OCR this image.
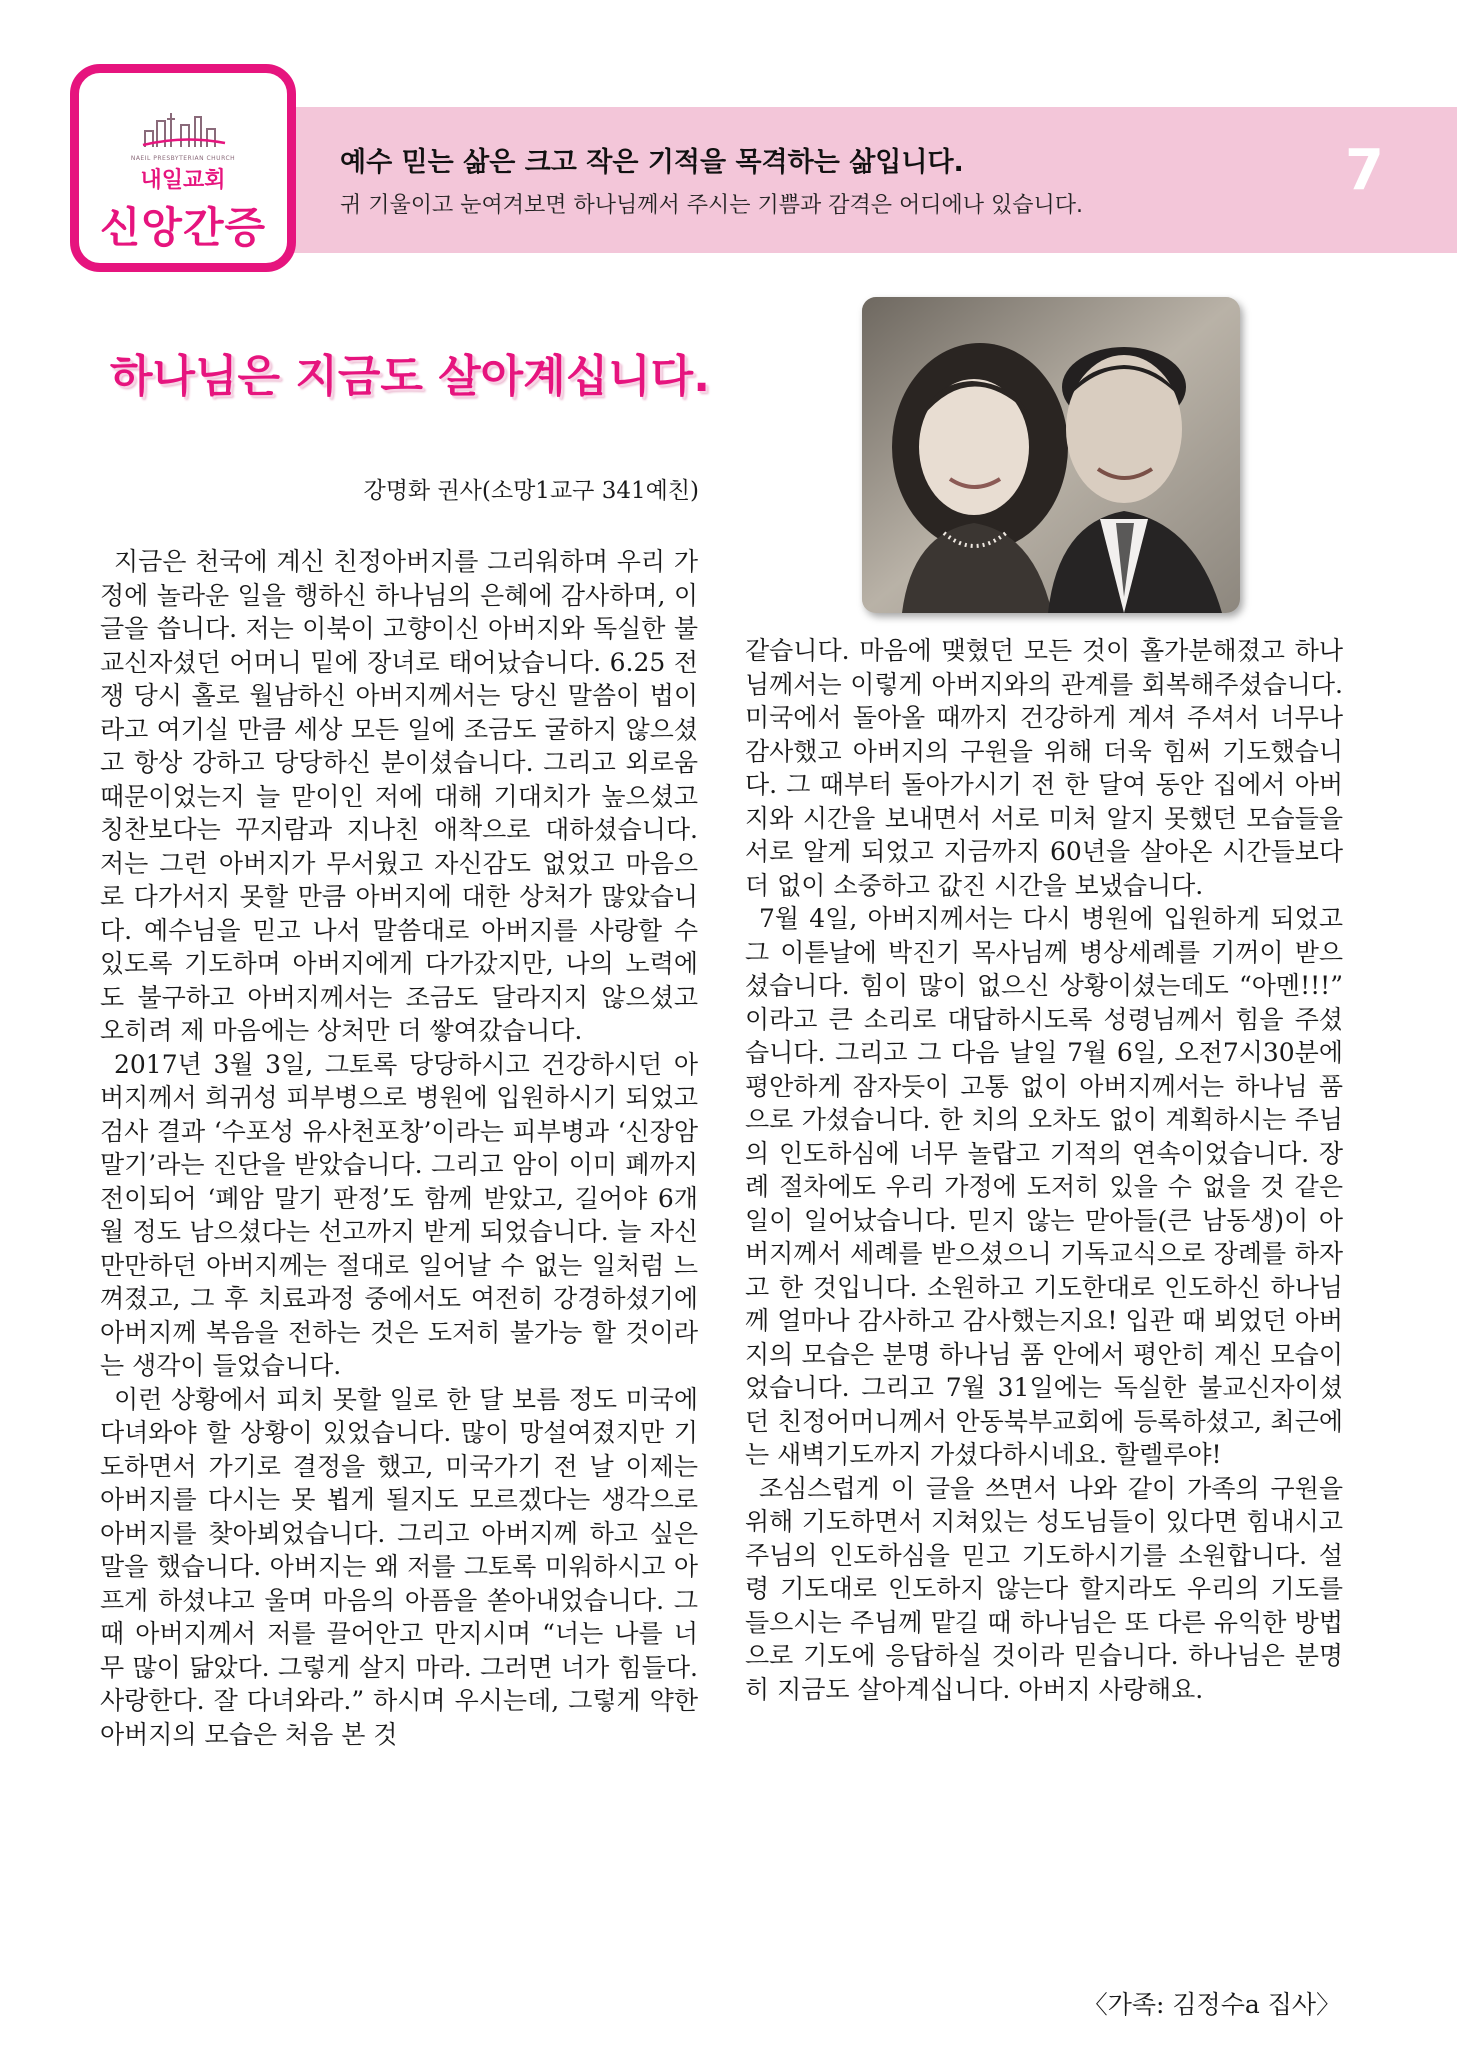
NAEIL PRESBYTERIAN CHURCH
내일교회
신앙간증
예수 믿는 삶은 크고 작은 기적을 목격하는 삶입니다.
귀 기울이고 눈여겨보면 하나님께서 주시는 기쁨과 감격은 어디에나 있습니다.
7
하나님은 지금도 살아계십니다.
강명화 권사(소망1교구 341예친)

지금은 천국에 계신 친정아버지를 그리워하며 우리 가정에 놀라운 일을 행하신 하나님의 은혜에 감사하며, 이 글을 씁니다. 저는 이북이 고향이신 아버지와 독실한 불교신자셨던 어머니 밑에 장녀로 태어났습니다. 6.25 전쟁 당시 홀로 월남하신 아버지께서는 당신 말씀이 법이라고 여기실 만큼 세상 모든 일에 조금도 굴하지 않으셨고 항상 강하고 당당하신 분이셨습니다. 그리고 외로움 때문이었는지 늘 맏이인 저에 대해 기대치가 높으셨고 칭찬보다는 꾸지람과 지나친 애착으로 대하셨습니다. 저는 그런 아버지가 무서웠고 자신감도 없었고 마음으로 다가서지 못할 만큼 아버지에 대한 상처가 많았습니다. 예수님을 믿고 나서 말씀대로 아버지를 사랑할 수 있도록 기도하며 아버지에게 다가갔지만, 나의 노력에도 불구하고 아버지께서는 조금도 달라지지 않으셨고 오히려 제 마음에는 상처만 더 쌓여갔습니다.

2017년 3월 3일, 그토록 당당하시고 건강하시던 아버지께서 희귀성 피부병으로 병원에 입원하시기 되었고 검사 결과 ‘수포성 유사천포창’이라는 피부병과 ‘신장암 말기’라는 진단을 받았습니다. 그리고 암이 이미 폐까지 전이되어 ‘폐암 말기 판정’도 함께 받았고, 길어야 6개월 정도 남으셨다는 선고까지 받게 되었습니다. 늘 자신만만하던 아버지께는 절대로 일어날 수 없는 일처럼 느껴졌고, 그 후 치료과정 중에서도 여전히 강경하셨기에 아버지께 복음을 전하는 것은 도저히 불가능 할 것이라는 생각이 들었습니다.

이런 상황에서 피치 못할 일로 한 달 보름 정도 미국에 다녀와야 할 상황이 있었습니다. 많이 망설여졌지만 기도하면서 가기로 결정을 했고, 미국가기 전 날 이제는 아버지를 다시는 못 뵙게 될지도 모르겠다는 생각으로 아버지를 찾아뵈었습니다. 그리고 아버지께 하고 싶은 말을 했습니다. 아버지는 왜 저를 그토록 미워하시고 아프게 하셨냐고 울며 마음의 아픔을 쏟아내었습니다. 그 때 아버지께서 저를 끌어안고 만지시며 “너는 나를 너무 많이 닮았다. 그렇게 살지 마라. 그러면 너가 힘들다. 사랑한다. 잘 다녀와라.” 하시며 우시는데, 그렇게 약한 아버지의 모습은 처음 본 것

같습니다. 마음에 맺혔던 모든 것이 홀가분해졌고 하나님께서는 이렇게 아버지와의 관계를 회복해주셨습니다. 미국에서 돌아올 때까지 건강하게 계셔 주셔서 너무나 감사했고 아버지의 구원을 위해 더욱 힘써 기도했습니다. 그 때부터 돌아가시기 전 한 달여 동안 집에서 아버지와 시간을 보내면서 서로 미처 알지 못했던 모습들을 서로 알게 되었고 지금까지 60년을 살아온 시간들보다 더 없이 소중하고 값진 시간을 보냈습니다.

7월 4일, 아버지께서는 다시 병원에 입원하게 되었고 그 이튿날에 박진기 목사님께 병상세례를 기꺼이 받으셨습니다. 힘이 많이 없으신 상황이셨는데도 “아멘!!!” 이라고 큰 소리로 대답하시도록 성령님께서 힘을 주셨습니다. 그리고 그 다음 날일 7월 6일, 오전7시30분에 평안하게 잠자듯이 고통 없이 아버지께서는 하나님 품으로 가셨습니다. 한 치의 오차도 없이 계획하시는 주님의 인도하심에 너무 놀랍고 기적의 연속이었습니다. 장례 절차에도 우리 가정에 도저히 있을 수 없을 것 같은 일이 일어났습니다. 믿지 않는 맏아들(큰 남동생)이 아버지께서 세례를 받으셨으니 기독교식으로 장례를 하자고 한 것입니다. 소원하고 기도한대로 인도하신 하나님께 얼마나 감사하고 감사했는지요! 입관 때 뵈었던 아버지의 모습은 분명 하나님 품 안에서 평안히 계신 모습이었습니다. 그리고 7월 31일에는 독실한 불교신자이셨던 친정어머니께서 안동북부교회에 등록하셨고, 최근에는 새벽기도까지 가셨다하시네요. 할렐루야!

조심스럽게 이 글을 쓰면서 나와 같이 가족의 구원을 위해 기도하면서 지쳐있는 성도님들이 있다면 힘내시고 주님의 인도하심을 믿고 기도하시기를 소원합니다. 설령 기도대로 인도하지 않는다 할지라도 우리의 기도를 들으시는 주님께 맡길 때 하나님은 또 다른 유익한 방법으로 기도에 응답하실 것이라 믿습니다. 하나님은 분명히 지금도 살아계십니다. 아버지 사랑해요.

〈가족: 김정수a 집사〉
